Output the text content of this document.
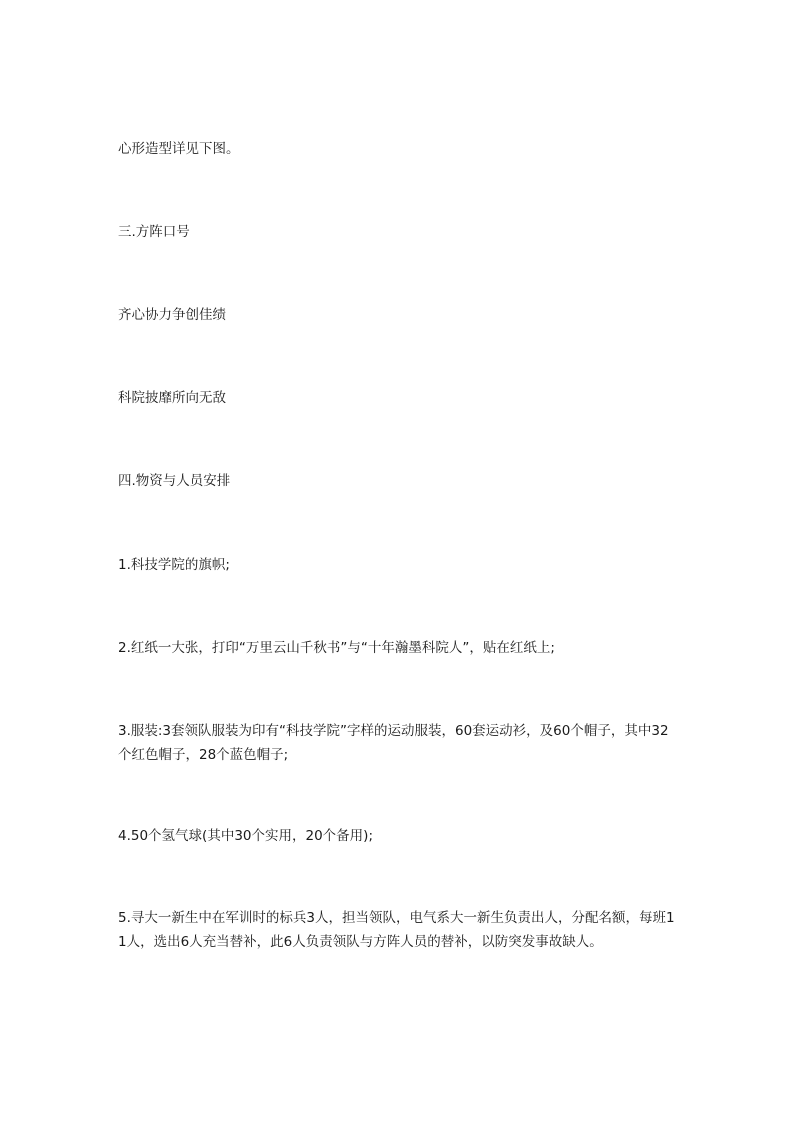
心形造型详见下图。

三.方阵口号

齐心协力争创佳绩

科院披靡所向无敌

四.物资与人员安排

1.科技学院的旗帜;

2.红纸一大张，打印“万里云山千秋书”与“十年瀚墨科院人”，贴在红纸上;

3.服装:3套领队服装为印有“科技学院”字样的运动服装，60套运动衫，及60个帽子，其中32个红色帽子，28个蓝色帽子;

4.50个氢气球(其中30个实用，20个备用);

5.寻大一新生中在军训时的标兵3人，担当领队，电气系大一新生负责出人，分配名额，每班11人，选出6人充当替补，此6人负责领队与方阵人员的替补，以防突发事故缺人。
